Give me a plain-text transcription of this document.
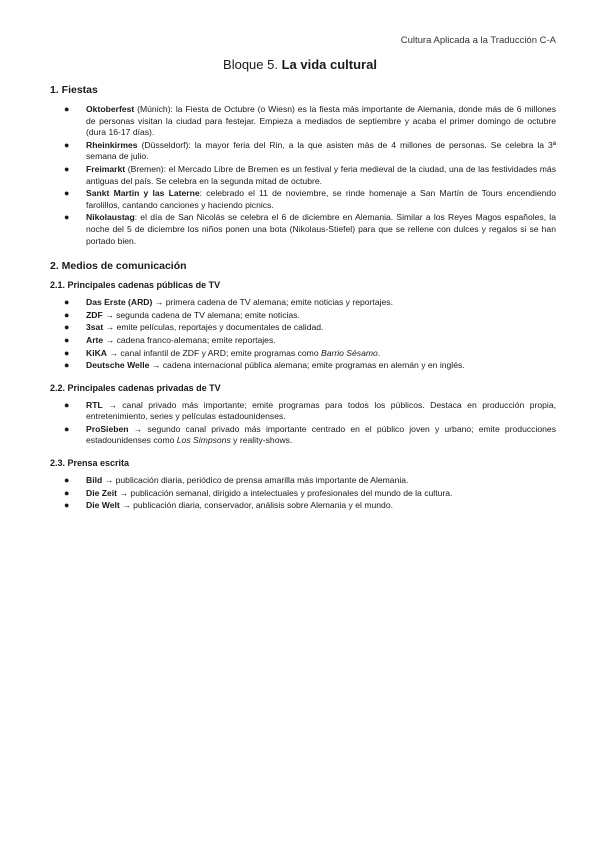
Cultura Aplicada a la Traducción C-A
Bloque 5. La vida cultural
1. Fiestas
● Oktoberfest (Múnich): la Fiesta de Octubre (o Wiesn) es la fiesta más importante de Alemania, donde más de 6 millones de personas visitan la ciudad para festejar. Empieza a mediados de septiembre y acaba el primer domingo de octubre (dura 16-17 días).
● Rheinkirmes (Düsseldorf): la mayor feria del Rin, a la que asisten más de 4 millones de personas. Se celebra la 3ª semana de julio.
● Freimarkt (Bremen): el Mercado Libre de Bremen es un festival y feria medieval de la ciudad, una de las festividades más antiguas del país. Se celebra en la segunda mitad de octubre.
● Sankt Martin y las Laterne: celebrado el 11 de noviembre, se rinde homenaje a San Martín de Tours encendiendo farolillos, cantando canciones y haciendo picnics.
● Nikolaustag: el día de San Nicolás se celebra el 6 de diciembre en Alemania. Similar a los Reyes Magos españoles, la noche del 5 de diciembre los niños ponen una bota (Nikolaus-Stiefel) para que se rellene con dulces y regalos si se han portado bien.
2. Medios de comunicación
2.1. Principales cadenas públicas de TV
● Das Erste (ARD) → primera cadena de TV alemana; emite noticias y reportajes.
● ZDF → segunda cadena de TV alemana; emite noticias.
● 3sat → emite películas, reportajes y documentales de calidad.
● Arte → cadena franco-alemana; emite reportajes.
● KiKA → canal infantil de ZDF y ARD; emite programas como Barrio Sésamo.
● Deutsche Welle → cadena internacional pública alemana; emite programas en alemán y en inglés.
2.2. Principales cadenas privadas de TV
● RTL → canal privado más importante; emite programas para todos los públicos. Destaca en producción propia, entretenimiento, series y películas estadounidenses.
● ProSieben → segundo canal privado más importante centrado en el público joven y urbano; emite producciones estadounidenses como Los Simpsons y reality-shows.
2.3. Prensa escrita
● Bild → publicación diaria, periódico de prensa amarilla más importante de Alemania.
● Die Zeit → publicación semanal, dirigido a intelectuales y profesionales del mundo de la cultura.
● Die Welt → publicación diaria, conservador, análisis sobre Alemania y el mundo.
